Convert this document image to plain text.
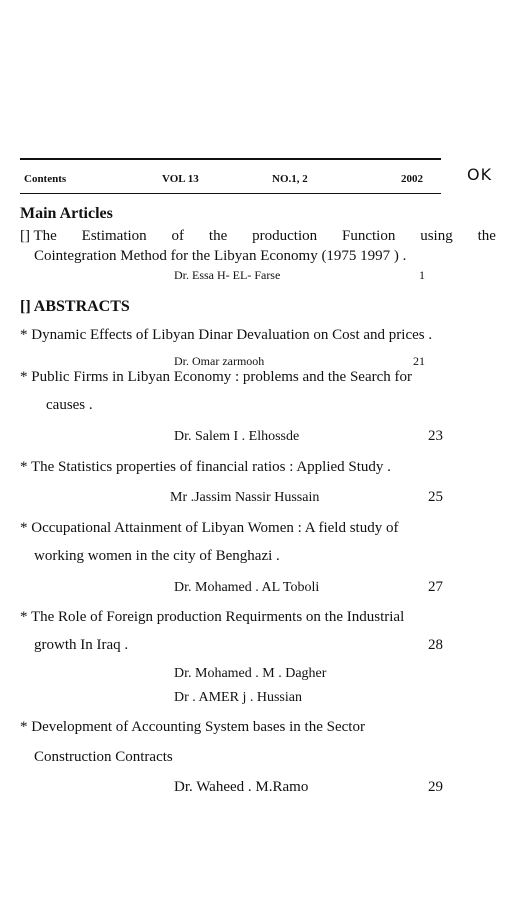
Contents	VOL 13	NO.1, 2	2002	OK
Main Articles
[] The Estimation of the production Function using the
Cointegration Method for the Libyan Economy (1975 1997 ) .
Dr. Essa H- EL- Farse	1
[] ABSTRACTS
* Dynamic Effects of Libyan Dinar Devaluation on Cost and prices .
Dr. Omar zarmooh	21
* Public Firms in Libyan Economy : problems and the Search for
causes .
Dr. Salem I . Elhossde	23
* The Statistics properties of financial ratios : Applied Study .
Mr .Jassim Nassir Hussain	25
* Occupational Attainment of Libyan Women : A field study of
working women in the city of Benghazi .
Dr. Mohamed . AL Toboli	27
* The Role of Foreign production Requirments on the Industrial
growth In Iraq .	28
Dr. Mohamed . M . Dagher
Dr . AMER j . Hussian
* Development of Accounting System bases in the Sector
Construction Contracts
Dr. Waheed . M.Ramo	29
